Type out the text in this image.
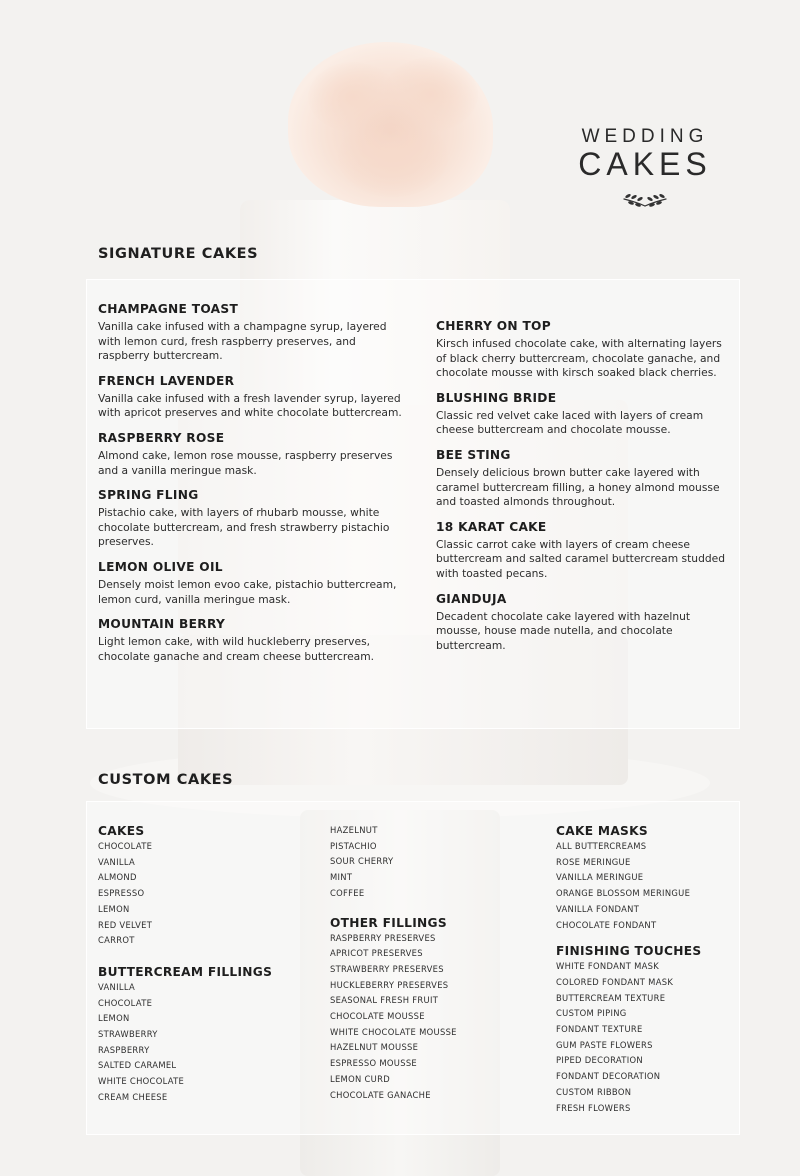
WEDDING
CAKES
SIGNATURE CAKES
CHAMPAGNE TOAST
Vanilla cake infused with a champagne syrup, layered with lemon curd, fresh raspberry preserves, and raspberry buttercream.
FRENCH LAVENDER
Vanilla cake infused with a fresh lavender syrup, layered with apricot preserves and white chocolate buttercream.
RASPBERRY ROSE
Almond cake, lemon rose mousse, raspberry preserves and a vanilla meringue mask.
SPRING FLING
Pistachio cake, with layers of rhubarb mousse, white chocolate buttercream, and fresh strawberry pistachio preserves.
LEMON OLIVE OIL
Densely moist lemon evoo cake, pistachio buttercream, lemon curd, vanilla meringue mask.
MOUNTAIN BERRY
Light lemon cake, with wild huckleberry preserves, chocolate ganache and cream cheese buttercream.
CHERRY ON TOP
Kirsch infused chocolate cake, with alternating layers of black cherry buttercream, chocolate ganache, and chocolate mousse with kirsch soaked black cherries.
BLUSHING BRIDE
Classic red velvet cake laced with layers of cream cheese buttercream and chocolate mousse.
BEE STING
Densely delicious brown butter cake layered with caramel buttercream filling, a honey almond mousse and toasted almonds throughout.
18 KARAT CAKE
Classic carrot cake with layers of cream cheese buttercream and salted caramel buttercream studded with toasted pecans.
GIANDUJA
Decadent chocolate cake layered with hazelnut mousse, house made nutella, and chocolate buttercream.
CUSTOM CAKES
CAKES
CHOCOLATE
VANILLA
ALMOND
ESPRESSO
LEMON
RED VELVET
CARROT
BUTTERCREAM FILLINGS
VANILLA
CHOCOLATE
LEMON
STRAWBERRY
RASPBERRY
SALTED CARAMEL
WHITE CHOCOLATE
CREAM CHEESE
HAZELNUT
PISTACHIO
SOUR CHERRY
MINT
COFFEE
OTHER FILLINGS
RASPBERRY PRESERVES
APRICOT PRESERVES
STRAWBERRY PRESERVES
HUCKLEBERRY PRESERVES
SEASONAL FRESH FRUIT
CHOCOLATE MOUSSE
WHITE CHOCOLATE MOUSSE
HAZELNUT MOUSSE
ESPRESSO MOUSSE
LEMON CURD
CHOCOLATE GANACHE
CAKE MASKS
ALL BUTTERCREAMS
ROSE MERINGUE
VANILLA MERINGUE
ORANGE BLOSSOM MERINGUE
VANILLA FONDANT
CHOCOLATE FONDANT
FINISHING TOUCHES
WHITE FONDANT MASK
COLORED FONDANT MASK
BUTTERCREAM TEXTURE
CUSTOM PIPING
FONDANT TEXTURE
GUM PASTE FLOWERS
PIPED DECORATION
FONDANT DECORATION
CUSTOM RIBBON
FRESH FLOWERS
